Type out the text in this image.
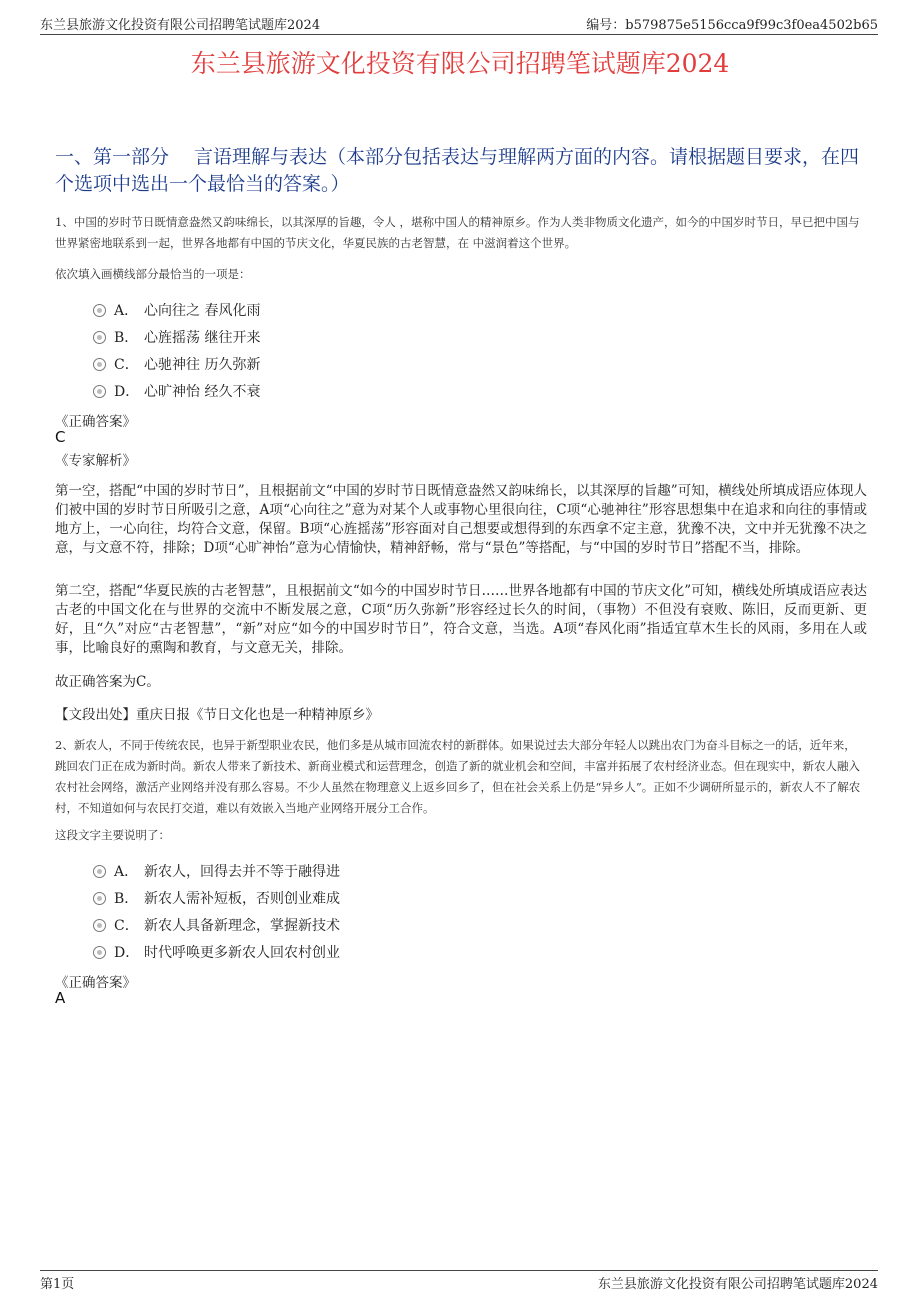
东兰县旅游文化投资有限公司招聘笔试题库2024	编号：b579875e5156cca9f99c3f0ea4502b65
东兰县旅游文化投资有限公司招聘笔试题库2024
一、第一部分　 言语理解与表达（本部分包括表达与理解两方面的内容。请根据题目要求，在四个选项中选出一个最恰当的答案。）
1、中国的岁时节日既情意盎然又韵味绵长，以其深厚的旨趣，令人 ，堪称中国人的精神原乡。作为人类非物质文化遗产，如今的中国岁时节日，早已把中国与世界紧密地联系到一起，世界各地都有中国的节庆文化，华夏民族的古老智慧，在 中滋润着这个世界。
依次填入画横线部分最恰当的一项是：
A． 心向往之 春风化雨
B． 心旌摇荡 继往开来
C． 心驰神往 历久弥新
D． 心旷神怡 经久不衰
《正确答案》
C
《专家解析》
第一空，搭配“中国的岁时节日”，且根据前文“中国的岁时节日既情意盎然又韵味绵长，以其深厚的旨趣”可知，横线处所填成语应体现人们被中国的岁时节日所吸引之意，A项“心向往之”意为对某个人或事物心里很向往，C项“心驰神往”形容思想集中在追求和向往的事情或地方上，一心向往，均符合文意，保留。B项“心旌摇荡”形容面对自己想要或想得到的东西拿不定主意，犹豫不决，文中并无犹豫不决之意，与文意不符，排除；D项“心旷神怡”意为心情愉快，精神舒畅，常与“景色”等搭配，与“中国的岁时节日”搭配不当，排除。
第二空，搭配“华夏民族的古老智慧”，且根据前文“如今的中国岁时节日……世界各地都有中国的节庆文化”可知，横线处所填成语应表达古老的中国文化在与世界的交流中不断发展之意，C项“历久弥新”形容经过长久的时间，（事物）不但没有衰败、陈旧，反而更新、更好，且“久”对应“古老智慧”，“新”对应“如今的中国岁时节日”，符合文意，当选。A项“春风化雨”指适宜草木生长的风雨，多用在人或事，比喻良好的熏陶和教育，与文意无关，排除。
故正确答案为C。
【文段出处】重庆日报《节日文化也是一种精神原乡》
2、新农人，不同于传统农民，也异于新型职业农民，他们多是从城市回流农村的新群体。如果说过去大部分年轻人以跳出农门为奋斗目标之一的话，近年来，跳回农门正在成为新时尚。新农人带来了新技术、新商业模式和运营理念，创造了新的就业机会和空间，丰富并拓展了农村经济业态。但在现实中，新农人融入农村社会网络，激活产业网络并没有那么容易。不少人虽然在物理意义上返乡回乡了，但在社会关系上仍是“异乡人”。正如不少调研所显示的，新农人不了解农村，不知道如何与农民打交道，难以有效嵌入当地产业网络开展分工合作。
这段文字主要说明了：
A． 新农人，回得去并不等于融得进
B． 新农人需补短板，否则创业难成
C． 新农人具备新理念，掌握新技术
D． 时代呼唤更多新农人回农村创业
《正确答案》
A
第1页	东兰县旅游文化投资有限公司招聘笔试题库2024
